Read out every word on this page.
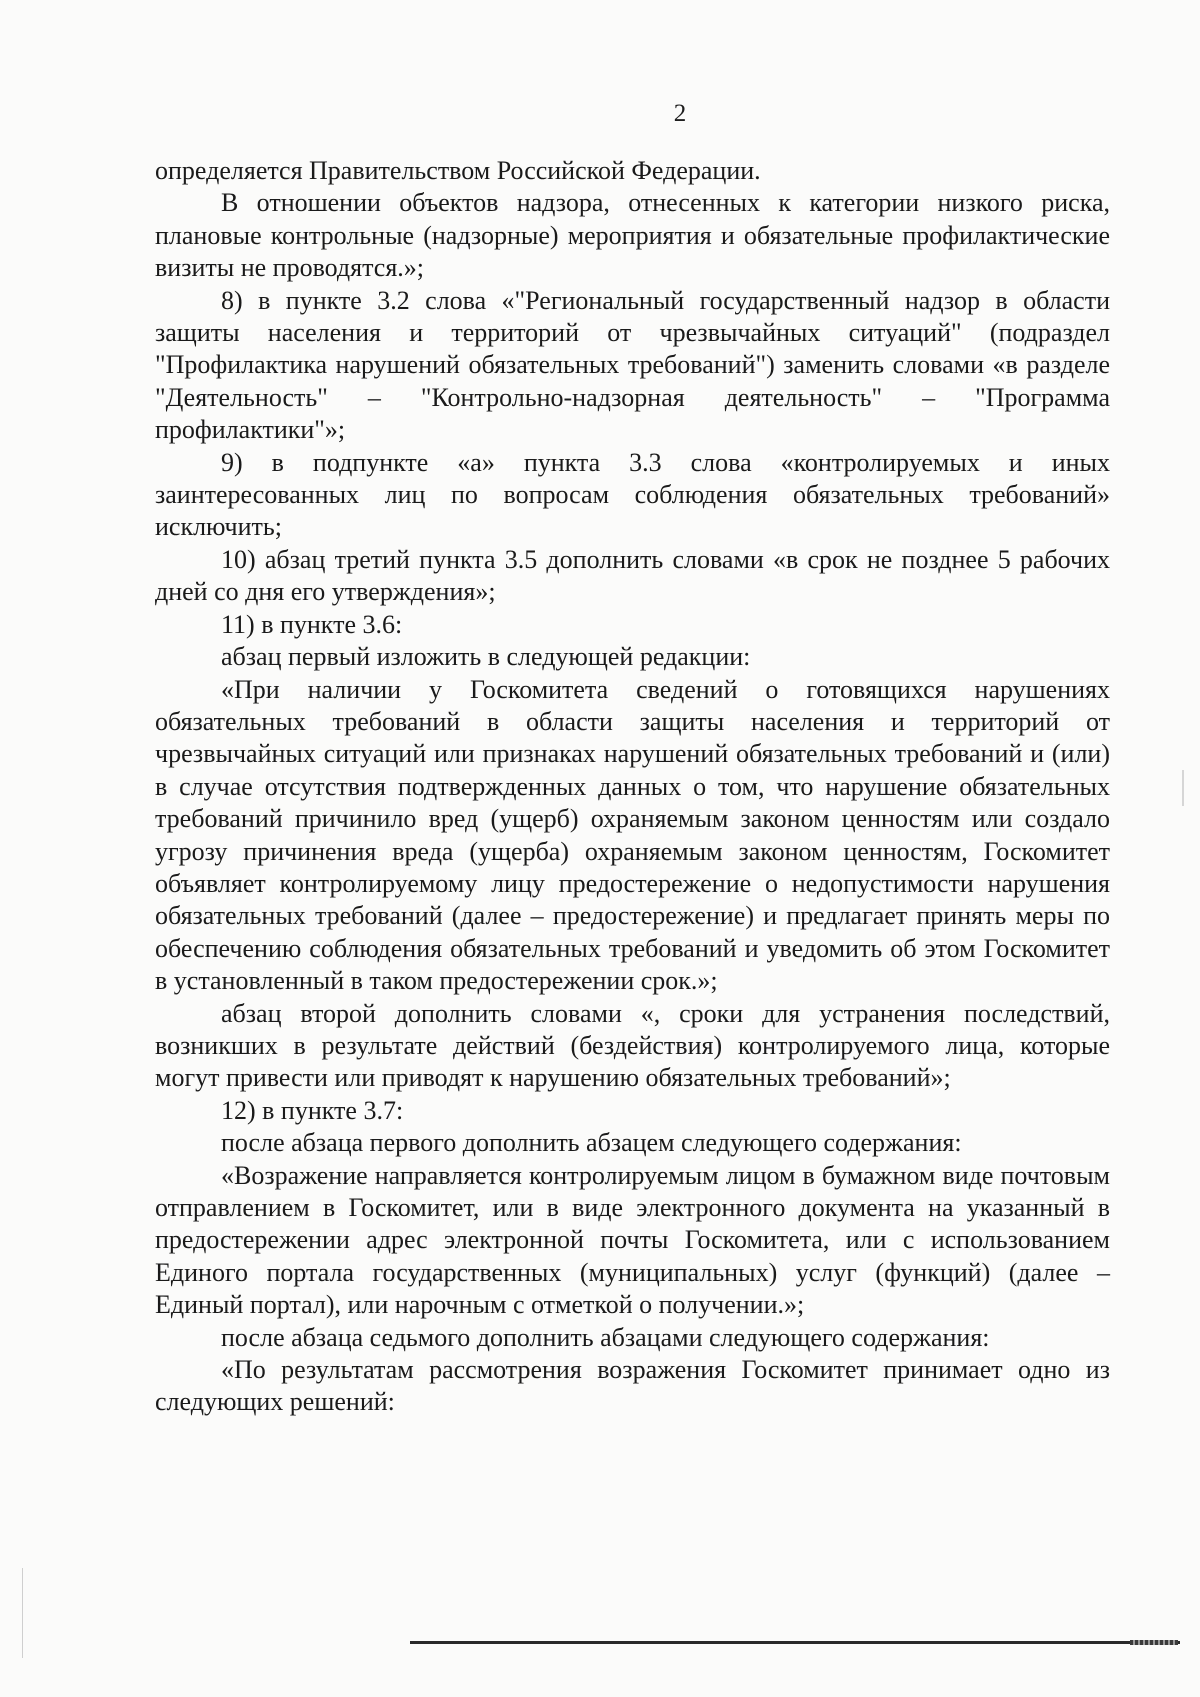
2

определяется Правительством Российской Федерации.

В отношении объектов надзора, отнесенных к категории низкого риска, плановые контрольные (надзорные) мероприятия и обязательные профилактические визиты не проводятся.»;

8) в пункте 3.2 слова «"Региональный государственный надзор в области защиты населения и территорий от чрезвычайных ситуаций" (подраздел "Профилактика нарушений обязательных требований") заменить словами «в разделе "Деятельность" – "Контрольно-надзорная деятельность" – "Программа профилактики"»;

9) в подпункте «а» пункта 3.3 слова «контролируемых и иных заинтересованных лиц по вопросам соблюдения обязательных требований» исключить;

10) абзац третий пункта 3.5 дополнить словами «в срок не позднее 5 рабочих дней со дня его утверждения»;

11) в пункте 3.6:

абзац первый изложить в следующей редакции:

«При наличии у Госкомитета сведений о готовящихся нарушениях обязательных требований в области защиты населения и территорий от чрезвычайных ситуаций или признаках нарушений обязательных требований и (или) в случае отсутствия подтвержденных данных о том, что нарушение обязательных требований причинило вред (ущерб) охраняемым законом ценностям или создало угрозу причинения вреда (ущерба) охраняемым законом ценностям, Госкомитет объявляет контролируемому лицу предостережение о недопустимости нарушения обязательных требований (далее – предостережение) и предлагает принять меры по обеспечению соблюдения обязательных требований и уведомить об этом Госкомитет в установленный в таком предостережении срок.»;

абзац второй дополнить словами «, сроки для устранения последствий, возникших в результате действий (бездействия) контролируемого лица, которые могут привести или приводят к нарушению обязательных требований»;

12) в пункте 3.7:

после абзаца первого дополнить абзацем следующего содержания:

«Возражение направляется контролируемым лицом в бумажном виде почтовым отправлением в Госкомитет, или в виде электронного документа на указанный в предостережении адрес электронной почты Госкомитета, или с использованием Единого портала государственных (муниципальных) услуг (функций) (далее – Единый портал), или нарочным с отметкой о получении.»;

после абзаца седьмого дополнить абзацами следующего содержания:

«По результатам рассмотрения возражения Госкомитет принимает одно из следующих решений:
